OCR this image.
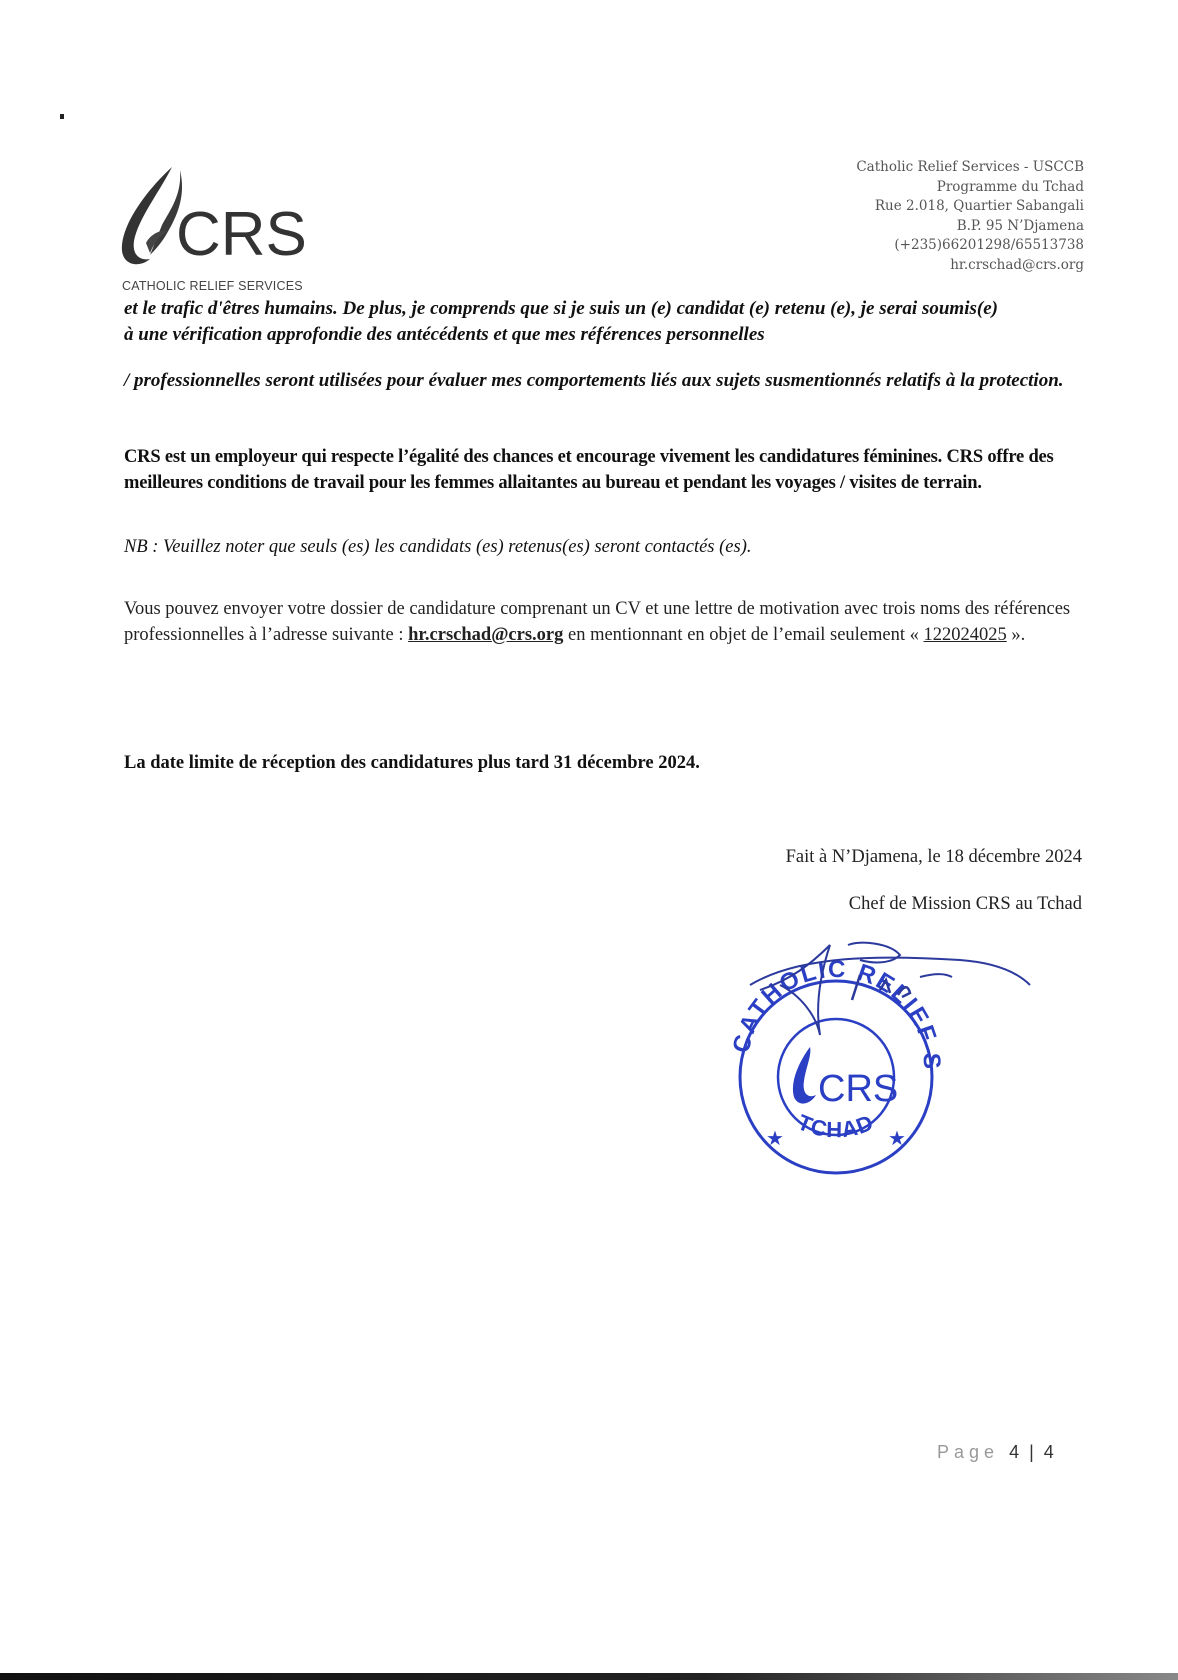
CRS
CATHOLIC RELIEF SERVICES
Catholic Relief Services - USCCB
Programme du Tchad
Rue 2.018, Quartier Sabangali
B.P. 95 N’Djamena
(+235)66201298/65513738
hr.crschad@crs.org
et le trafic d'êtres humains. De plus, je comprends que si je suis un (e) candidat (e) retenu (e), je serai soumis(e)
à une vérification approfondie des antécédents et que mes références personnelles
/ professionnelles seront utilisées pour évaluer mes comportements liés aux sujets susmentionnés relatifs à la protection.
CRS est un employeur qui respecte l’égalité des chances et encourage vivement les candidatures féminines. CRS offre des meilleures conditions de travail pour les femmes allaitantes au bureau et pendant les voyages / visites de terrain.
NB : Veuillez noter que seuls (es) les candidats (es) retenus(es) seront contactés (es).
Vous pouvez envoyer votre dossier de candidature comprenant un CV et une lettre de motivation avec trois noms des références professionnelles à l’adresse suivante : hr.crschad@crs.org en mentionnant en objet de l’email seulement « 122024025 ».
La date limite de réception des candidatures plus tard 31 décembre 2024.
Fait à N’Djamena, le 18 décembre 2024
Chef de Mission CRS au Tchad
CATHOLIC RELIEF S
TCHAD
★	★
CRS
Page 4 | 4
